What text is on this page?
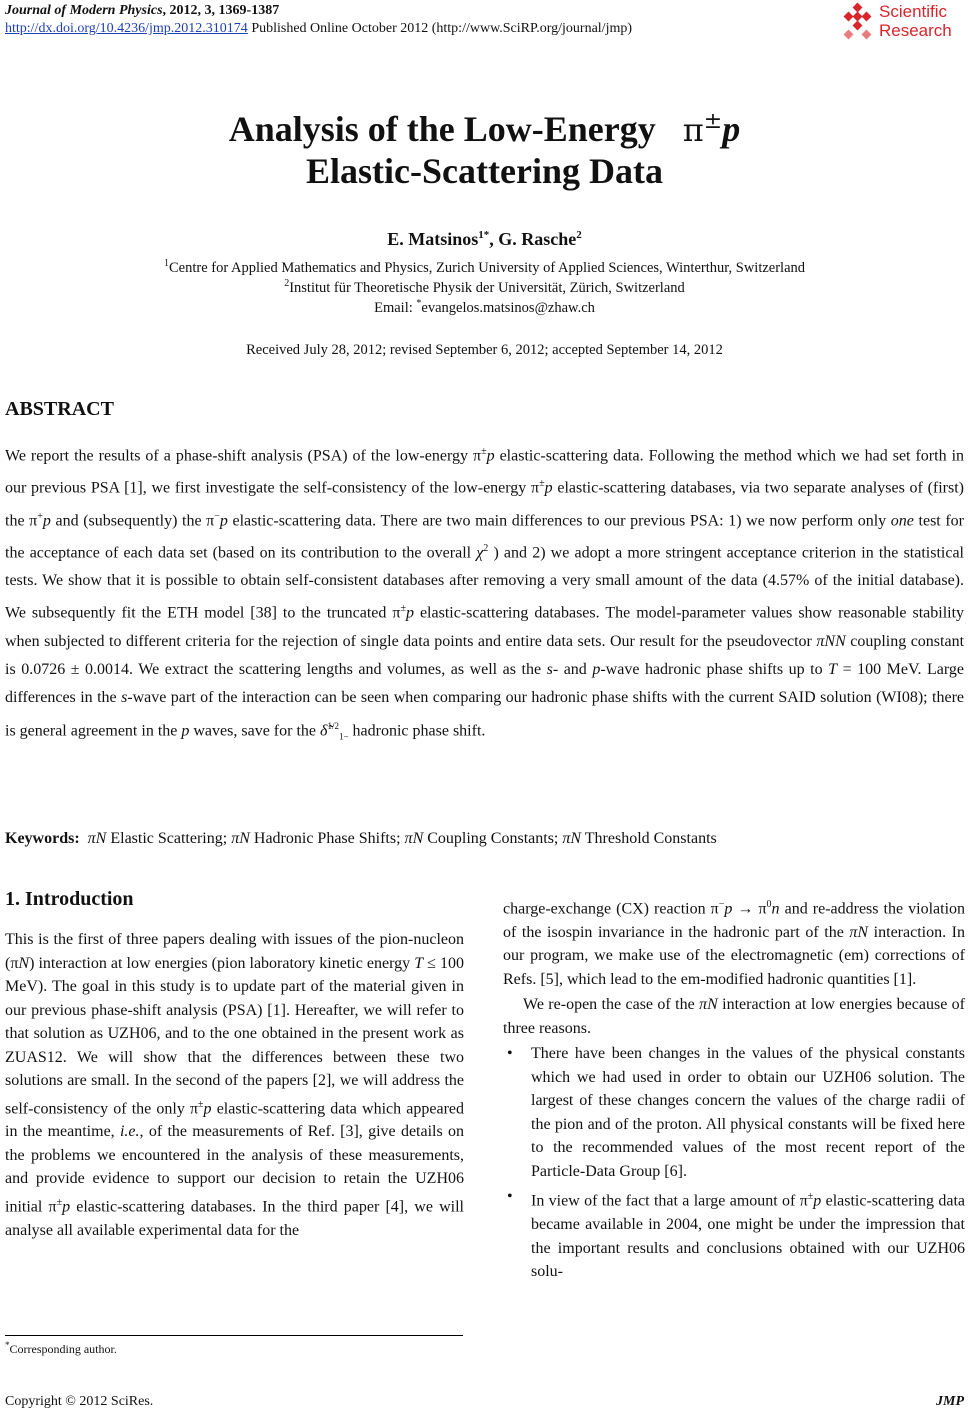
Journal of Modern Physics, 2012, 3, 1369-1387
http://dx.doi.org/10.4236/jmp.2012.310174 Published Online October 2012 (http://www.SciRP.org/journal/jmp)
Scientific
Research
Analysis of the Low-Energy π±p
Elastic-Scattering Data
E. Matsinos$^{1*}$, G. Rasche$^2$
$^1$Centre for Applied Mathematics and Physics, Zurich University of Applied Sciences, Winterthur, Switzerland
$^2$Institut für Theoretische Physik der Universität, Zürich, Switzerland
Email: *evangelos.matsinos@zhaw.ch
Received July 28, 2012; revised September 6, 2012; accepted September 14, 2012
ABSTRACT
We report the results of a phase-shift analysis (PSA) of the low-energy π±p elastic-scattering data. Following the method which we had set forth in our previous PSA [1], we first investigate the self-consistency of the low-energy π±p elastic-scattering databases, via two separate analyses of (first) the π+p and (subsequently) the π−p elastic-scattering data. There are two main differences to our previous PSA: 1) we now perform only one test for the acceptance of each data set (based on its contribution to the overall $\chi^2$ ) and 2) we adopt a more stringent acceptance criterion in the statistical tests. We show that it is possible to obtain self-consistent databases after removing a very small amount of the data (4.57% of the initial database). We subsequently fit the ETH model [38] to the truncated π±p elastic-scattering databases. The model-parameter values show reasonable stability when subjected to different criteria for the rejection of single data points and entire data sets. Our result for the pseudovector πNN coupling constant is 0.0726 ± 0.0014. We extract the scattering lengths and volumes, as well as the s- and p-wave hadronic phase shifts up to T = 100 MeV. Large differences in the s-wave part of the interaction can be seen when comparing our hadronic phase shifts with the current SAID solution (WI08); there is general agreement in the p waves, save for the δ̃$^{1/2}_{1-}$ hadronic phase shift.
Keywords: πN Elastic Scattering; πN Hadronic Phase Shifts; πN Coupling Constants; πN Threshold Constants
1. Introduction

This is the first of three papers dealing with issues of the pion-nucleon (πN) interaction at low energies (pion laboratory kinetic energy T ≤ 100 MeV). The goal in this study is to update part of the material given in our previous phase-shift analysis (PSA) [1]. Hereafter, we will refer to that solution as UZH06, and to the one obtained in the present work as ZUAS12. We will show that the differences between these two solutions are small. In the second of the papers [2], we will address the self-consistency of the only π±p elastic-scattering data which appeared in the meantime, i.e., of the measurements of Ref. [3], give details on the problems we encountered in the analysis of these measurements, and provide evidence to support our decision to retain the UZH06 initial π±p elastic-scattering databases. In the third paper [4], we will analyse all available experimental data for the

charge-exchange (CX) reaction $\pi^-p \to \pi^0n$ and re-address the violation of the isospin invariance in the hadronic part of the πN interaction. In our program, we make use of the electromagnetic (em) corrections of Refs. [5], which lead to the em-modified hadronic quantities [1].

We re-open the case of the πN interaction at low energies because of three reasons.

• There have been changes in the values of the physical constants which we had used in order to obtain our UZH06 solution. The largest of these changes concern the values of the charge radii of the pion and of the proton. All physical constants will be fixed here to the recommended values of the most recent report of the Particle-Data Group [6].
• In view of the fact that a large amount of π±p elastic-scattering data became available in 2004, one might be under the impression that the important results and conclusions obtained with our UZH06 solu-
*Corresponding author.
Copyright © 2012 SciRes.	JMP
